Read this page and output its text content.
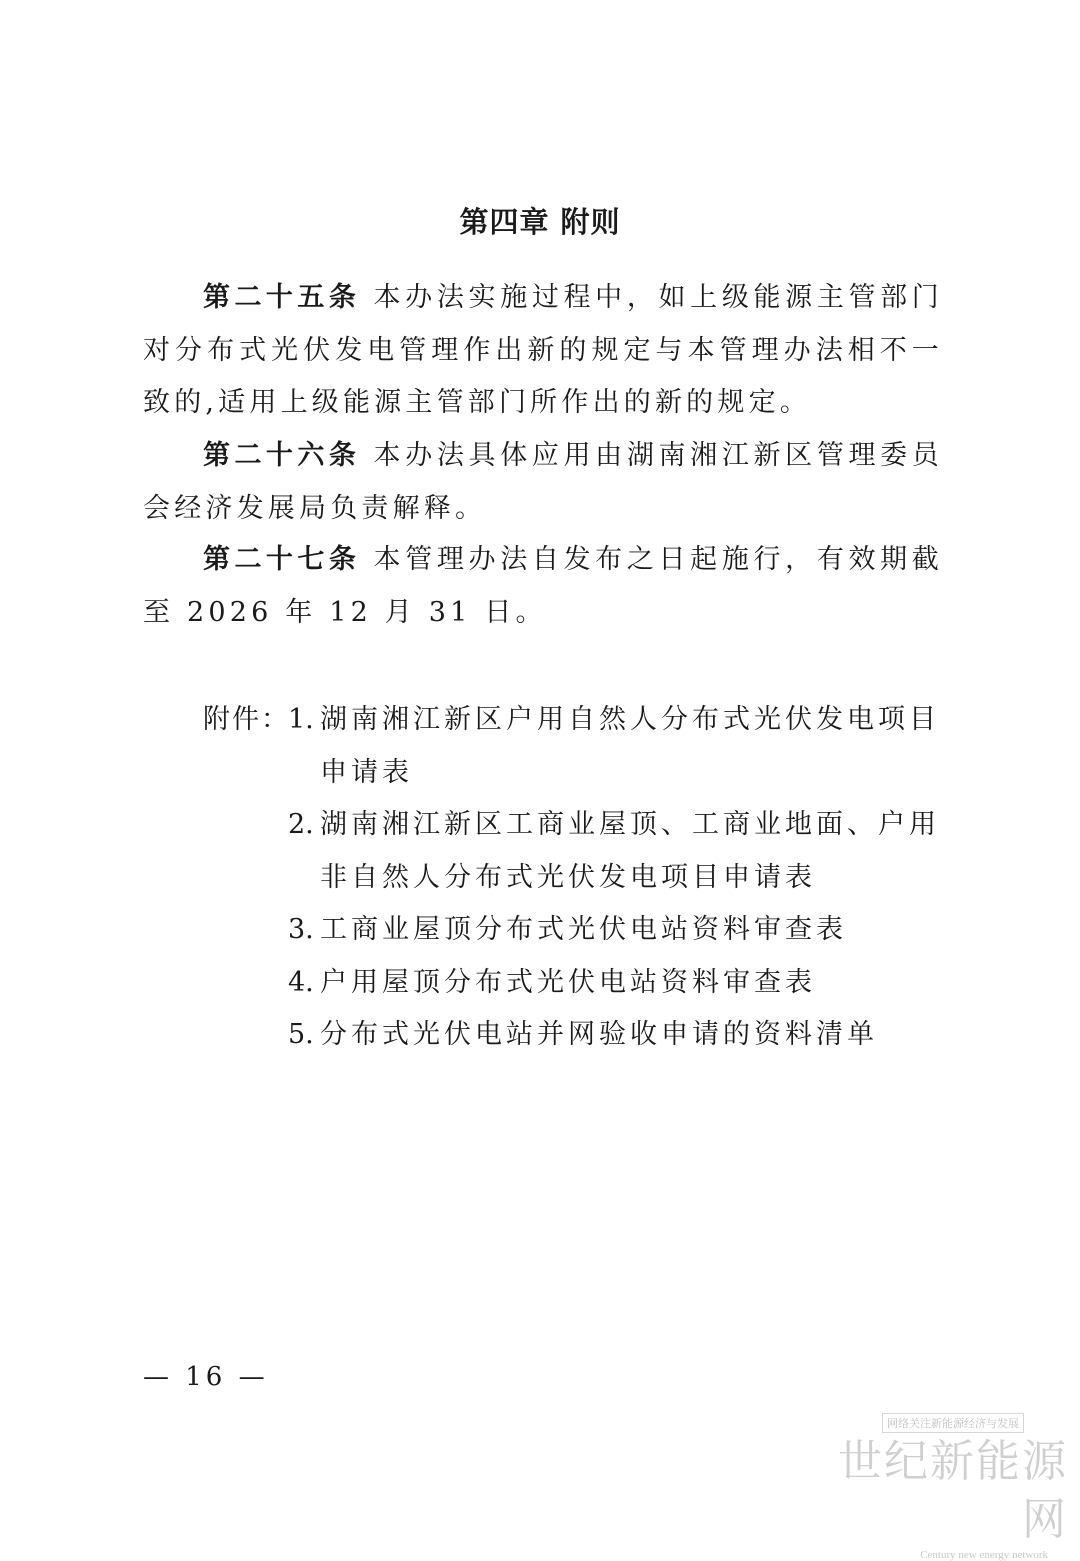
第四章 附则

第二十五条 本办法实施过程中，如上级能源主管部门对分布式光伏发电管理作出新的规定与本管理办法相不一致的,适用上级能源主管部门所作出的新的规定。

第二十六条 本办法具体应用由湖南湘江新区管理委员会经济发展局负责解释。

第二十七条 本管理办法自发布之日起施行，有效期截至 2026 年 12 月 31 日。

附件：
1. 湖南湘江新区户用自然人分布式光伏发电项目申请表
2. 湖南湘江新区工商业屋顶、工商业地面、户用非自然人分布式光伏发电项目申请表
3. 工商业屋顶分布式光伏电站资料审查表
4. 户用屋顶分布式光伏电站资料审查表
5. 分布式光伏电站并网验收申请的资料清单
— 16 —
网络关注新能源经济与发展
世纪新能源网
Century new energy network
